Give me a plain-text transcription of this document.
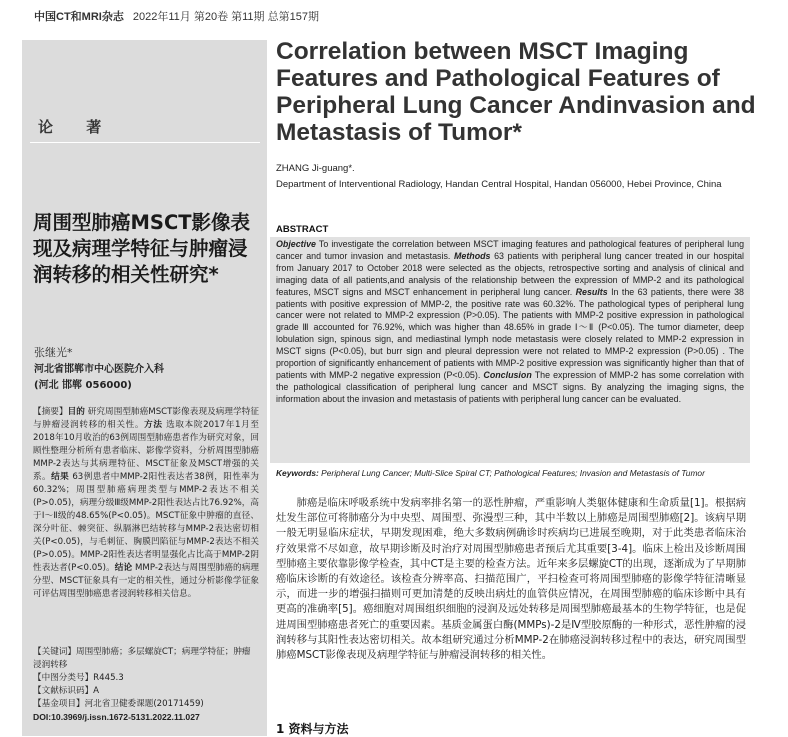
中国CT和MRI杂志 2022年11月 第20卷 第11期 总第157期
论 著
周围型肺癌MSCT影像表现及病理学特征与肿瘤浸润转移的相关性研究*
张继光*
河北省邯郸市中心医院介入科
(河北 邯郸 056000)
【摘要】目的 研究周围型肺癌MSCT影像表现及病理学特征与肿瘤浸润转移的相关性。方法 选取本院2017年1月至2018年10月收治的63例周围型肺癌患者作为研究对象，回顾性整理分析所有患者临床、影像学资料，分析周围型肺癌MMP-2表达与其病理特征、MSCT征象及MSCT增强的关系。结果 63例患者中MMP-2阳性表达者38例，阳性率为60.32%；周围型肺癌病理类型与MMP-2表达不相关(P>0.05)，病理分级Ⅲ级MMP-2阳性表达占比76.92%，高于Ⅰ～Ⅱ级的48.65%(P<0.05)。MSCT征象中肿瘤的直径、深分叶征、棘突征、纵膈淋巴结转移与MMP-2表达密切相关(P<0.05)，与毛刺征、胸膜凹陷征与MMP-2表达不相关(P>0.05)。MMP-2阳性表达者明显强化占比高于MMP-2阴性表达者(P<0.05)。结论 MMP-2表达与周围型肺癌的病理分型、MSCT征象具有一定的相关性，通过分析影像学征象可评估周围型肺癌患者浸润转移相关信息。
【关键词】周围型肺癌；多层螺旋CT；病理学特征；肿瘤浸润转移
【中图分类号】R445.3
【文献标识码】A
【基金项目】河北省卫健委课题(20171459)
DOI:10.3969/j.issn.1672-5131.2022.11.027
Correlation between MSCT Imaging Features and Pathological Features of Peripheral Lung Cancer Andinvasion and Metastasis of Tumor*
ZHANG Ji-guang*.
Department of Interventional Radiology, Handan Central Hospital, Handan 056000, Hebei Province, China
ABSTRACT
Objective To investigate the correlation between MSCT imaging features and pathological features of peripheral lung cancer and tumor invasion and metastasis. Methods 63 patients with peripheral lung cancer treated in our hospital from January 2017 to October 2018 were selected as the objects, retrospective sorting and analysis of clinical and imaging data of all patients,and analysis of the relationship between the expression of MMP-2 and its pathological features, MSCT signs and MSCT enhancement in peripheral lung cancer. Results In the 63 patients, there were 38 patients with positive expression of MMP-2, the positive rate was 60.32%. The pathological types of peripheral lung cancer were not related to MMP-2 expression (P>0.05). The patients with MMP-2 positive expression in pathological grade Ⅲ accounted for 76.92%, which was higher than 48.65% in grade Ⅰ～Ⅱ (P<0.05). The tumor diameter, deep lobulation sign, spinous sign, and mediastinal lymph node metastasis were closely related to MMP-2 expression in MSCT signs (P<0.05), but burr sign and pleural depression were not related to MMP-2 expression (P>0.05) . The proportion of significantly enhancement of patients with MMP-2 positive expression was significantly higher than that of patients with MMP-2 negative expression (P<0.05). Conclusion The expression of MMP-2 has some correlation with the pathological classification of peripheral lung cancer and MSCT signs. By analyzing the imaging signs, the information about the invasion and metastasis of patients with peripheral lung cancer can be evaluated.
Keywords: Peripheral Lung Cancer; Multi-Slice Spiral CT; Pathological Features; Invasion and Metastasis of Tumor

肺癌是临床呼吸系统中发病率排名第一的恶性肿瘤，严重影响人类躯体健康和生命质量[1]。根据病灶发生部位可将肺癌分为中央型、周围型、弥漫型三种，其中半数以上肺癌是周围型肺癌[2]。该病早期一般无明显临床症状，早期发现困难，绝大多数病例确诊时疾病均已进展至晚期，对于此类患者临床治疗效果常不尽如意，故早期诊断及时治疗对周围型肺癌患者预后尤其重要[3-4]。临床上检出及诊断周围型肺癌主要依靠影像学检查，其中CT是主要的检查方法。近年来多层螺旋CT的出现，逐渐成为了早期肺癌临床诊断的有效途径。该检查分辨率高、扫描范围广，平扫检查可将周围型肺癌的影像学特征清晰显示，而进一步的增强扫描则可更加清楚的反映出病灶的血管供应情况，在周围型肺癌的临床诊断中具有更高的准确率[5]。癌细胞对周围组织细胞的浸润及远处转移是周围型肺癌最基本的生物学特征，也是促进周围型肺癌患者死亡的重要因素。基质金属蛋白酶(MMPs)-2是Ⅳ型胶原酶的一种形式，恶性肿瘤的浸润转移与其阳性表达密切相关。故本组研究通过分析MMP-2在肺癌浸润转移过程中的表达，研究周围型肺癌MSCT影像表现及病理学特征与肿瘤浸润转移的相关性。

1 资料与方法
